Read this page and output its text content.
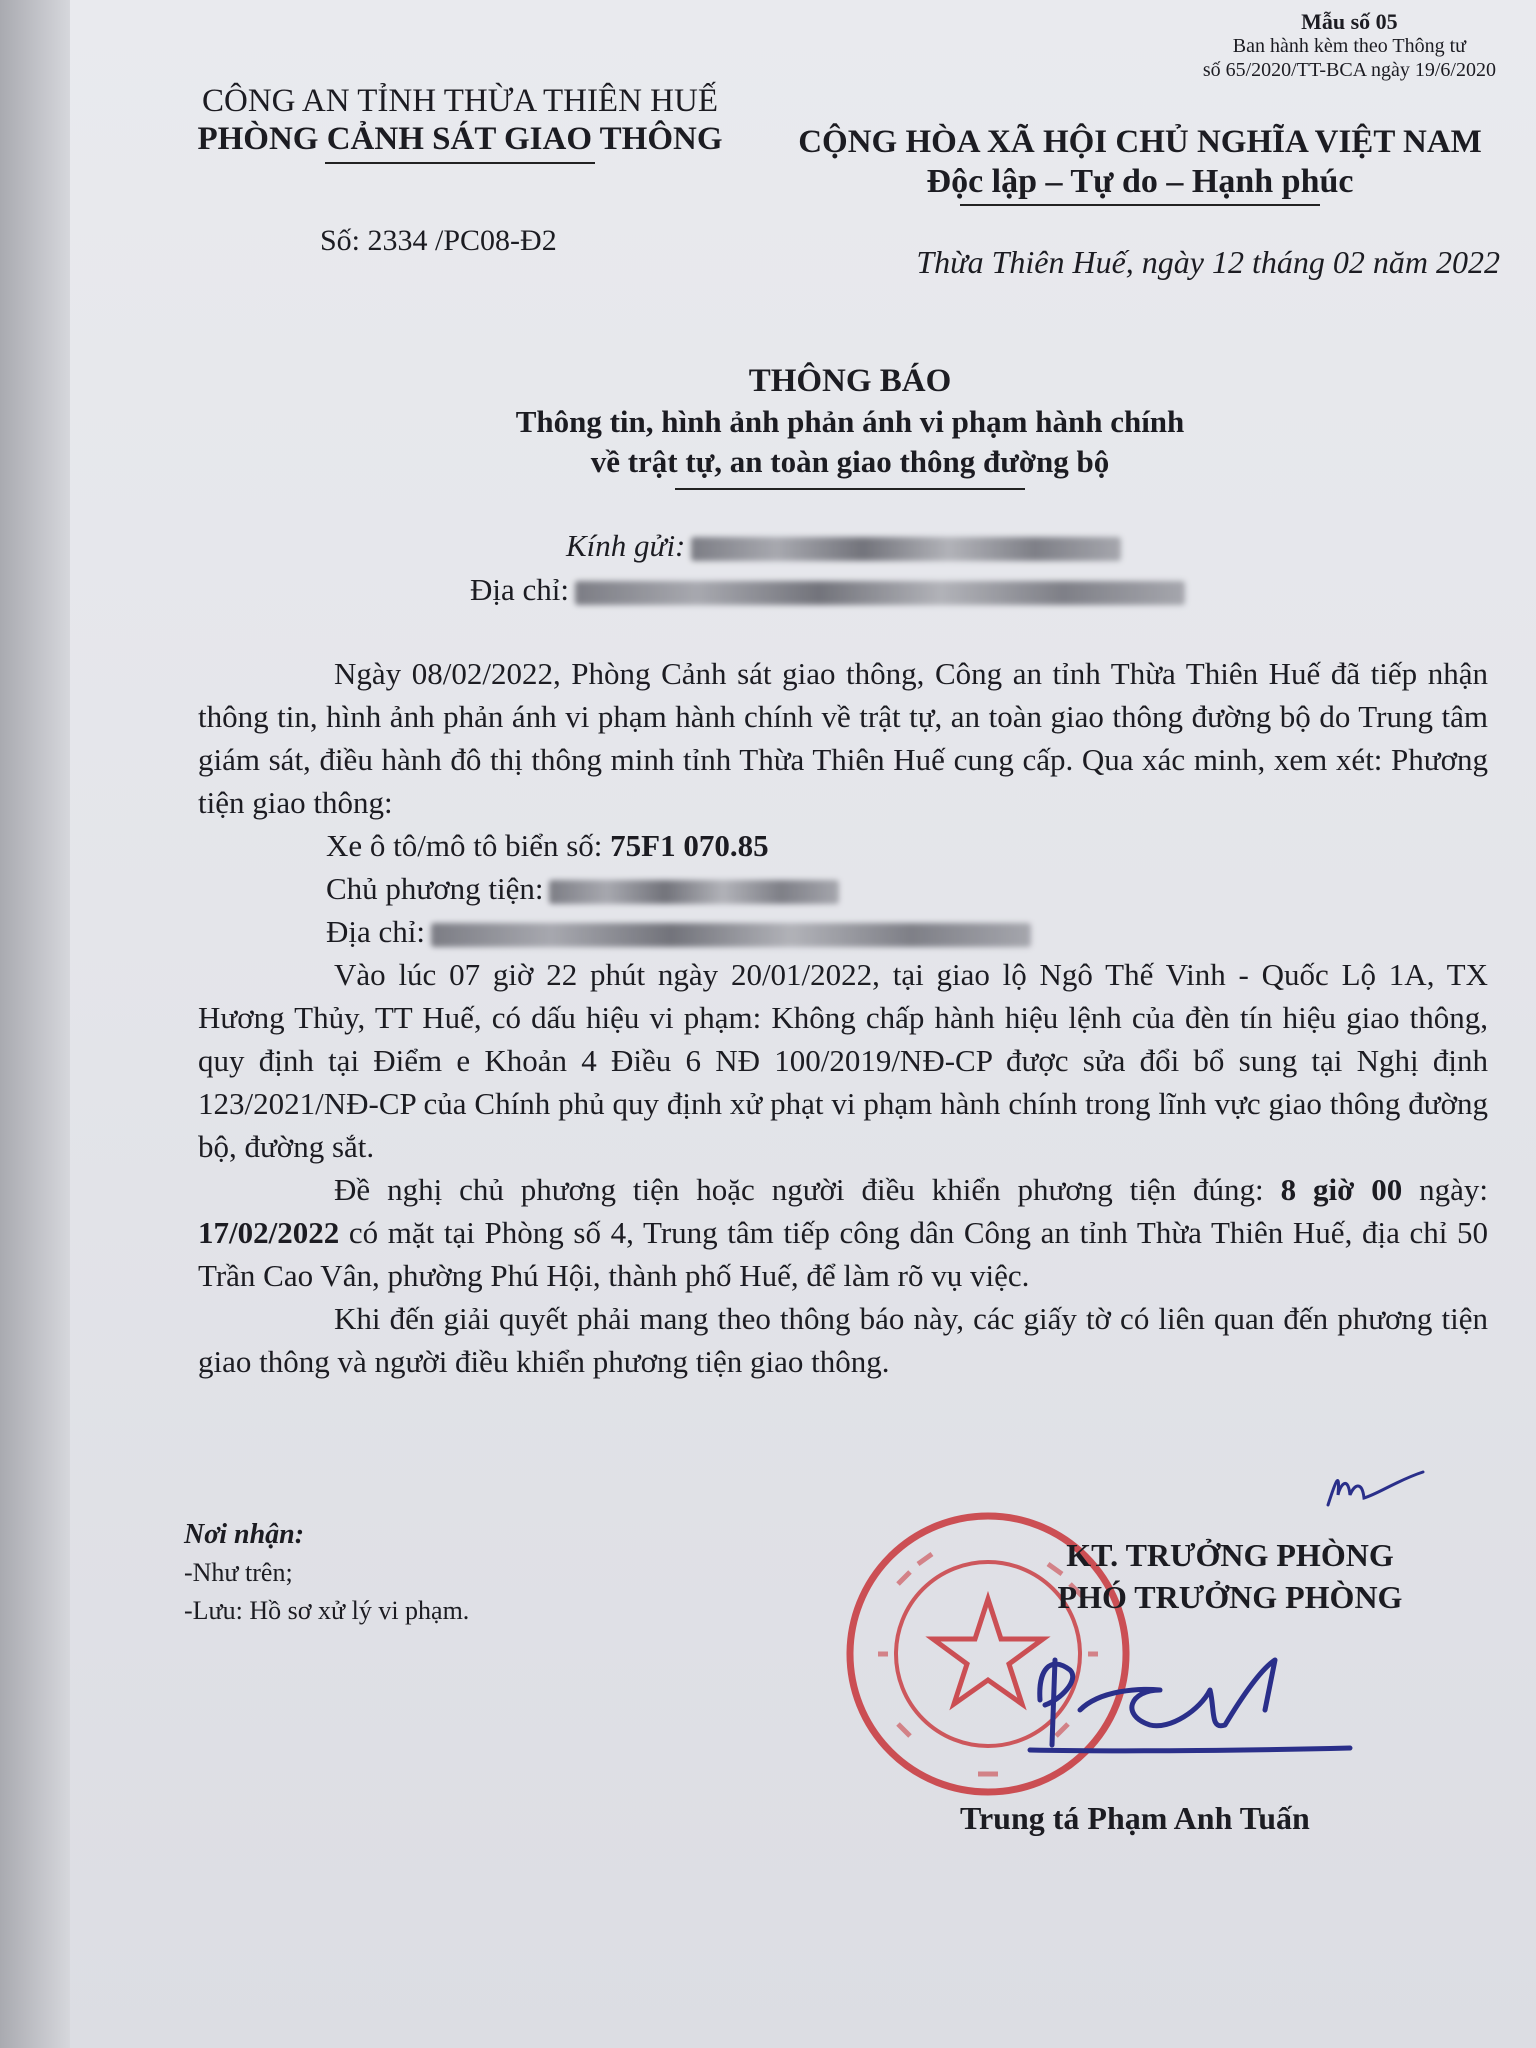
Mẫu số 05
Ban hành kèm theo Thông tư
số 65/2020/TT-BCA ngày 19/6/2020
CÔNG AN TỈNH THỪA THIÊN HUẾ
PHÒNG CẢNH SÁT GIAO THÔNG
Số: 2334 /PC08-Đ2
CỘNG HÒA XÃ HỘI CHỦ NGHĨA VIỆT NAM
Độc lập – Tự do – Hạnh phúc
Thừa Thiên Huế, ngày 12 tháng 02 năm 2022
THÔNG BÁO
Thông tin, hình ảnh phản ánh vi phạm hành chính
về trật tự, an toàn giao thông đường bộ
Kính gửi:
Địa chỉ:

Ngày 08/02/2022, Phòng Cảnh sát giao thông, Công an tỉnh Thừa Thiên Huế đã tiếp nhận thông tin, hình ảnh phản ánh vi phạm hành chính về trật tự, an toàn giao thông đường bộ do Trung tâm giám sát, điều hành đô thị thông minh tỉnh Thừa Thiên Huế cung cấp. Qua xác minh, xem xét: Phương tiện giao thông:

Xe ô tô/mô tô biển số: 75F1 070.85
Chủ phương tiện:
Địa chỉ:

Vào lúc 07 giờ 22 phút ngày 20/01/2022, tại giao lộ Ngô Thế Vinh - Quốc Lộ 1A, TX Hương Thủy, TT Huế, có dấu hiệu vi phạm: Không chấp hành hiệu lệnh của đèn tín hiệu giao thông, quy định tại Điểm e Khoản 4 Điều 6 NĐ 100/2019/NĐ-CP được sửa đổi bổ sung tại Nghị định 123/2021/NĐ-CP của Chính phủ quy định xử phạt vi phạm hành chính trong lĩnh vực giao thông đường bộ, đường sắt.

Đề nghị chủ phương tiện hoặc người điều khiển phương tiện đúng: 8 giờ 00 ngày: 17/02/2022 có mặt tại Phòng số 4, Trung tâm tiếp công dân Công an tỉnh Thừa Thiên Huế, địa chỉ 50 Trần Cao Vân, phường Phú Hội, thành phố Huế, để làm rõ vụ việc.

Khi đến giải quyết phải mang theo thông báo này, các giấy tờ có liên quan đến phương tiện giao thông và người điều khiển phương tiện giao thông.

Nơi nhận:
-Như trên;
-Lưu: Hồ sơ xử lý vi phạm.
KT. TRƯỞNG PHÒNG
PHÓ TRƯỞNG PHÒNG
Trung tá Phạm Anh Tuấn
